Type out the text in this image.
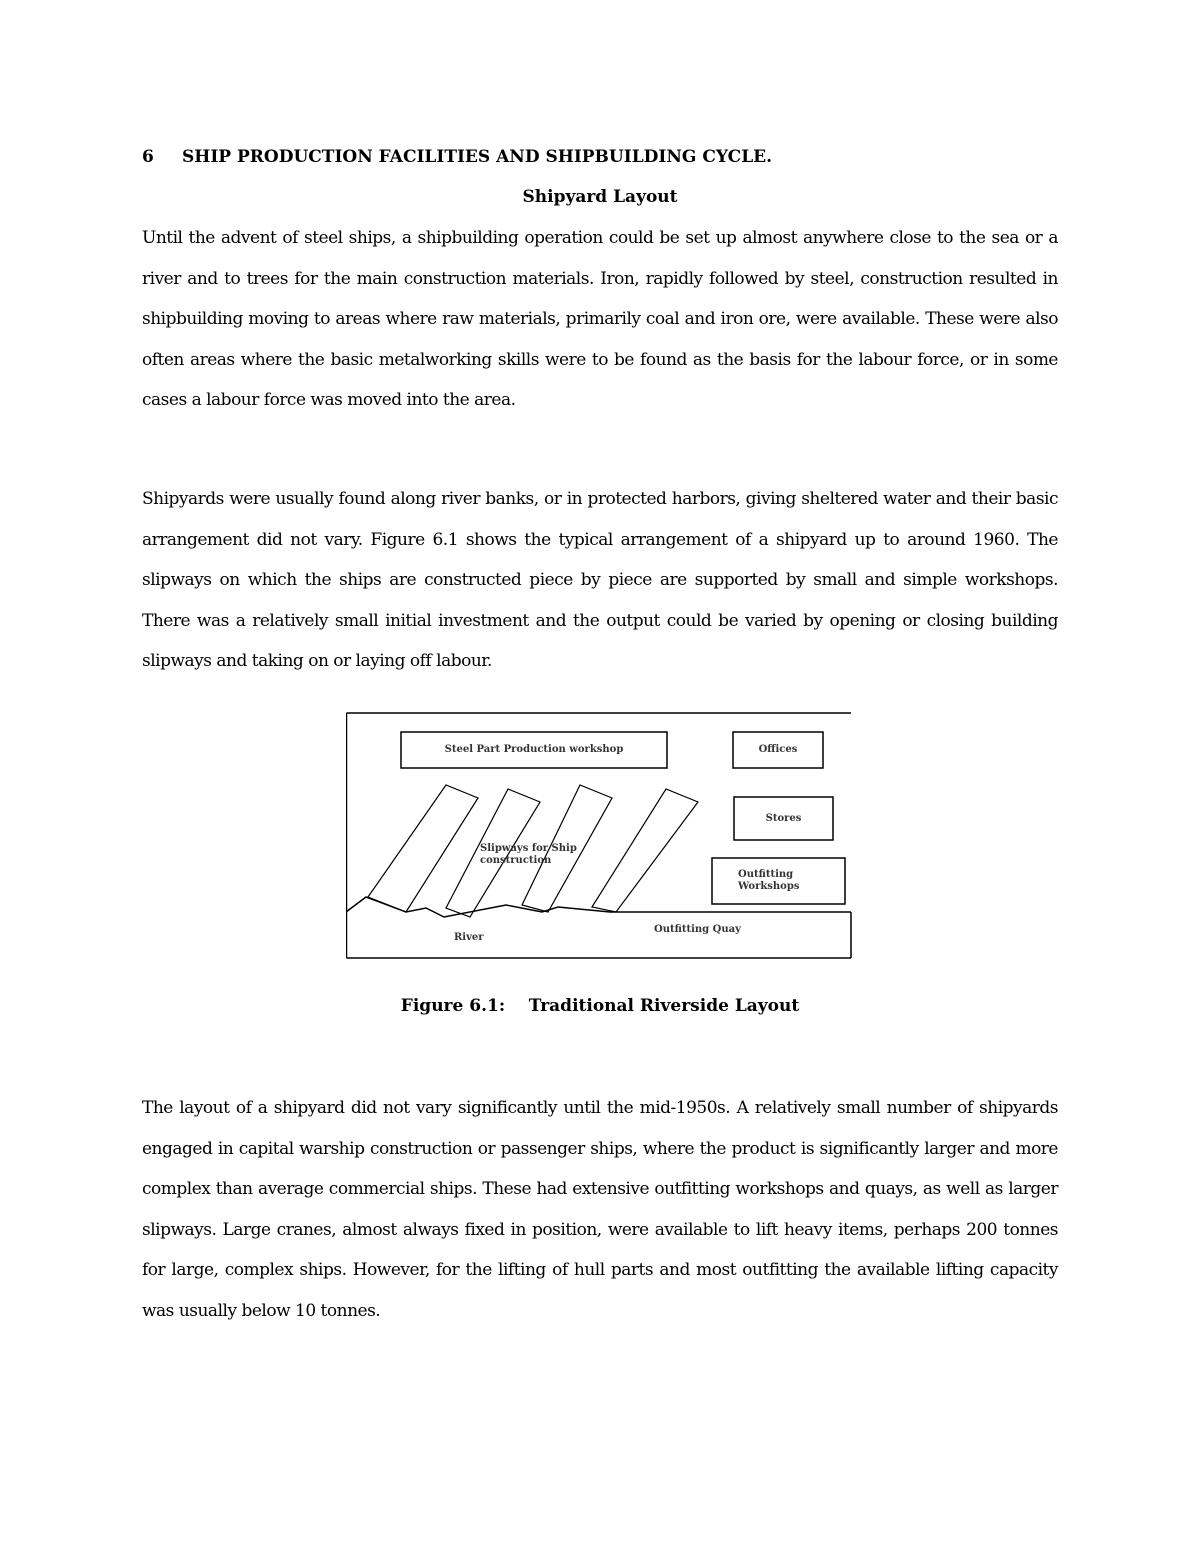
6 SHIP PRODUCTION FACILITIES AND SHIPBUILDING CYCLE.
Shipyard Layout

Until the advent of steel ships, a shipbuilding operation could be set up almost anywhere close to the sea or a river and to trees for the main construction materials. Iron, rapidly followed by steel, construction resulted in shipbuilding moving to areas where raw materials, primarily coal and iron ore, were available. These were also often areas where the basic metalworking skills were to be found as the basis for the labour force, or in some cases a labour force was moved into the area.

Shipyards were usually found along river banks, or in protected harbors, giving sheltered water and their basic arrangement did not vary. Figure 6.1 shows the typical arrangement of a shipyard up to around 1960. The slipways on which the ships are constructed piece by piece are supported by small and simple workshops. There was a relatively small initial investment and the output could be varied by opening or closing building slipways and taking on or laying off labour.

Steel Part Production workshop	Offices
Stores
Outfitting Workshops
Slipways for Ship construction
River
Outfitting Quay
Figure 6.1: Traditional Riverside Layout

The layout of a shipyard did not vary significantly until the mid-1950s. A relatively small number of shipyards engaged in capital warship construction or passenger ships, where the product is significantly larger and more complex than average commercial ships. These had extensive outfitting workshops and quays, as well as larger slipways. Large cranes, almost always fixed in position, were available to lift heavy items, perhaps 200 tonnes for large, complex ships. However, for the lifting of hull parts and most outfitting the available lifting capacity was usually below 10 tonnes.
